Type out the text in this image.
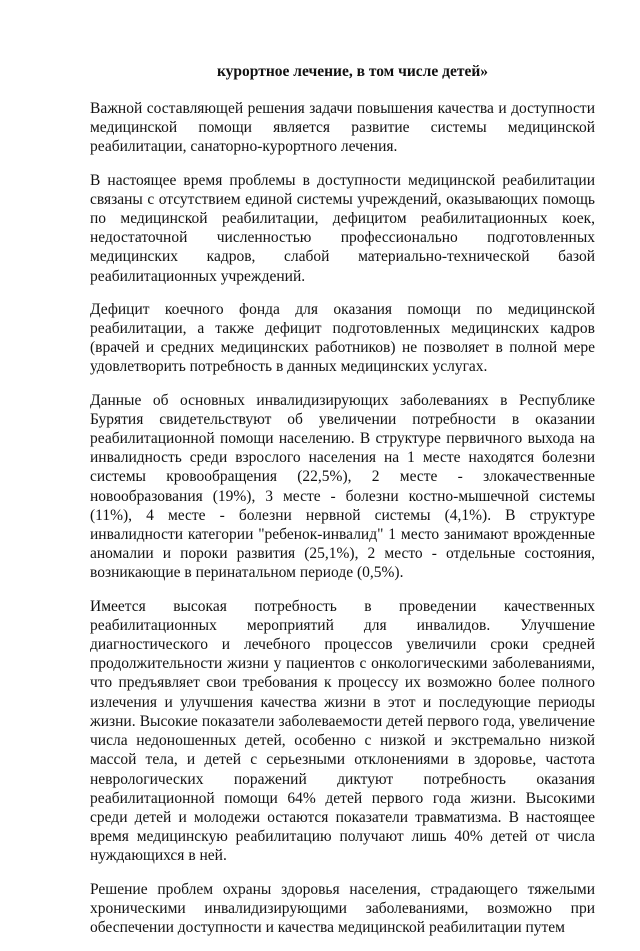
курортное лечение, в том числе детей»

Важной составляющей решения задачи повышения качества и доступности медицинской помощи является развитие системы медицинской реабилитации, санаторно-курортного лечения.

В настоящее время проблемы в доступности медицинской реабилитации связаны с отсутствием единой системы учреждений, оказывающих помощь по медицинской реабилитации, дефицитом реабилитационных коек, недостаточной численностью профессионально подготовленных медицинских кадров, слабой материально-технической базой реабилитационных учреждений.

Дефицит коечного фонда для оказания помощи по медицинской реабилитации, а также дефицит подготовленных медицинских кадров (врачей и средних медицинских работников) не позволяет в полной мере удовлетворить потребность в данных медицинских услугах.

Данные об основных инвалидизирующих заболеваниях в Республике Бурятия свидетельствуют об увеличении потребности в оказании реабилитационной помощи населению. В структуре первичного выхода на инвалидность среди взрослого населения на 1 месте находятся болезни системы кровообращения (22,5%), 2 месте - злокачественные новообразования (19%), 3 месте - болезни костно-мышечной системы (11%), 4 месте - болезни нервной системы (4,1%). В структуре инвалидности категории "ребенок-инвалид" 1 место занимают врожденные аномалии и пороки развития (25,1%), 2 место - отдельные состояния, возникающие в перинатальном периоде (0,5%).

Имеется высокая потребность в проведении качественных реабилитационных мероприятий для инвалидов. Улучшение диагностического и лечебного процессов увеличили сроки средней продолжительности жизни у пациентов с онкологическими заболеваниями, что предъявляет свои требования к процессу их возможно более полного излечения и улучшения качества жизни в этот и последующие периоды жизни. Высокие показатели заболеваемости детей первого года, увеличение числа недоношенных детей, особенно с низкой и экстремально низкой массой тела, и детей с серьезными отклонениями в здоровье, частота неврологических поражений диктуют потребность оказания реабилитационной помощи 64% детей первого года жизни. Высокими среди детей и молодежи остаются показатели травматизма. В настоящее время медицинскую реабилитацию получают лишь 40% детей от числа нуждающихся в ней.

Решение проблем охраны здоровья населения, страдающего тяжелыми хроническими инвалидизирующими заболеваниями, возможно при обеспечении доступности и качества медицинской реабилитации путем
